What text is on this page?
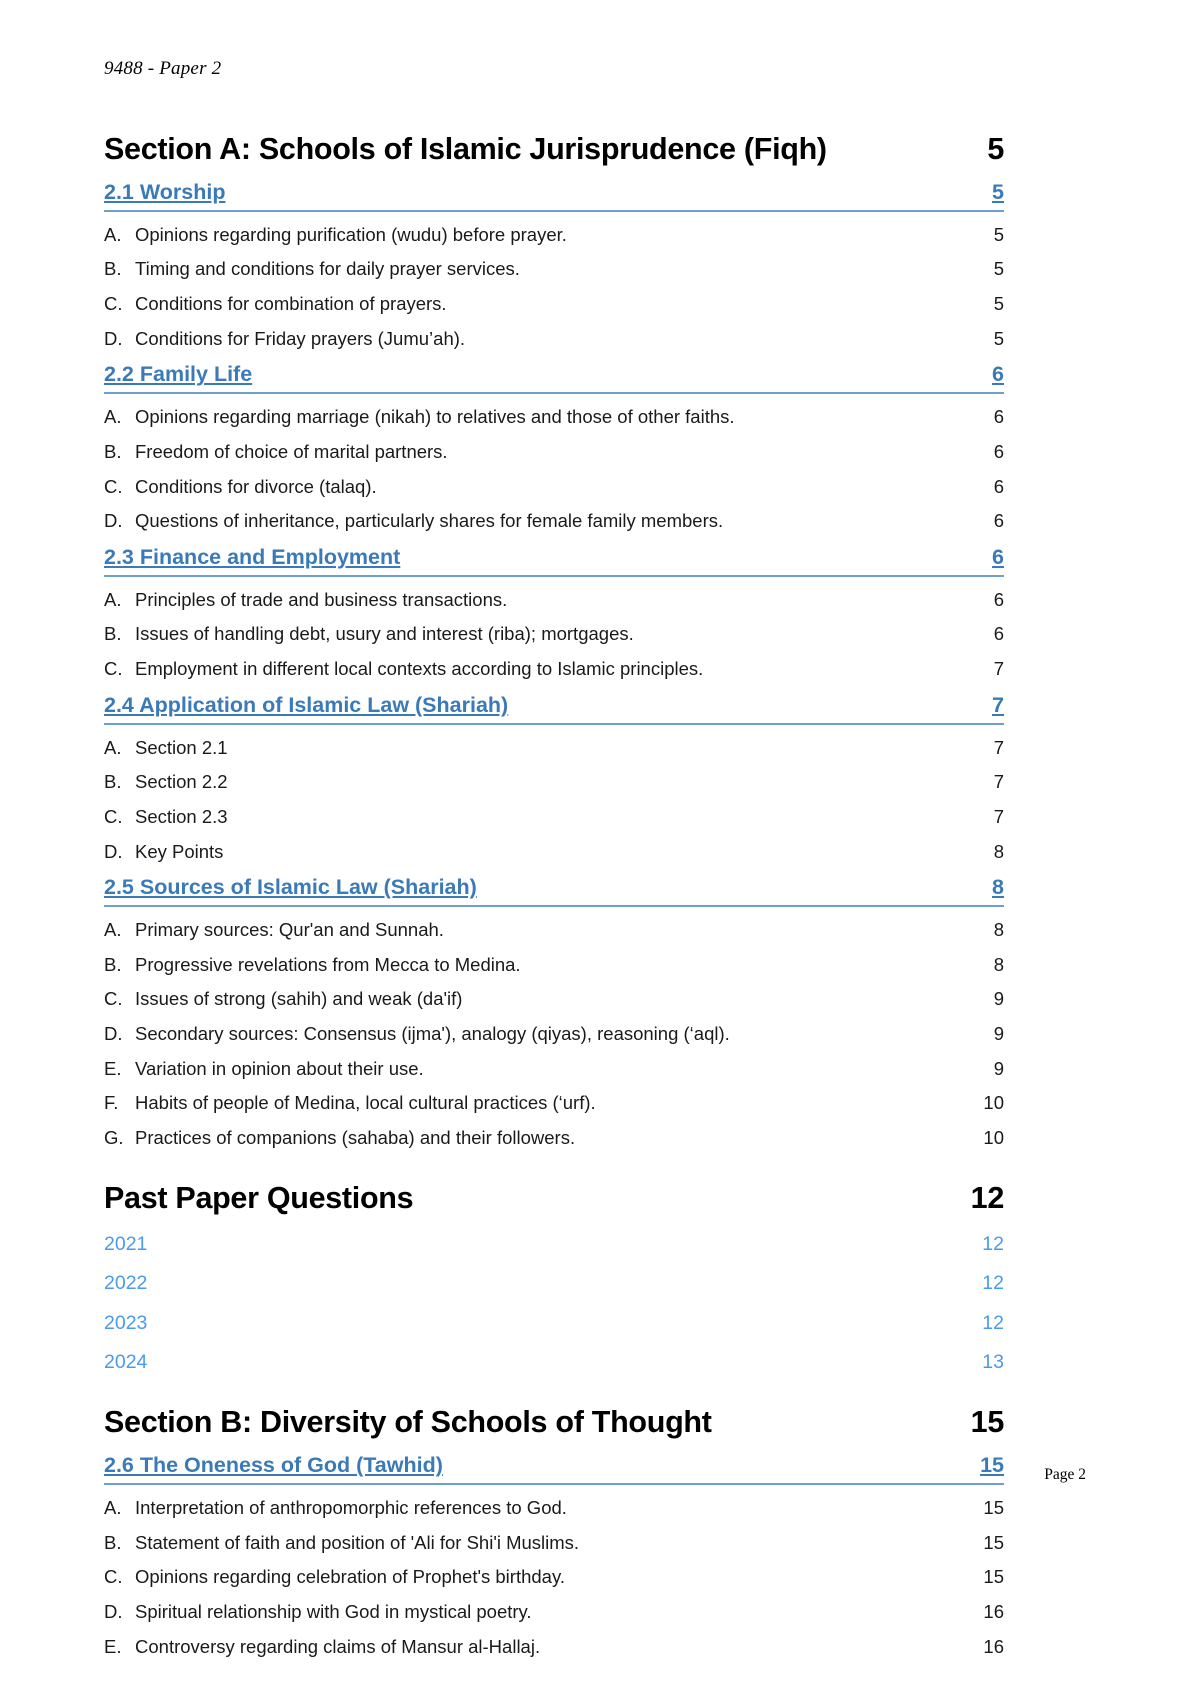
9488 - Paper 2
Section A: Schools of Islamic Jurisprudence (Fiqh)	5
2.1 Worship	5
A. Opinions regarding purification (wudu) before prayer.	5
B. Timing and conditions for daily prayer services.	5
C. Conditions for combination of prayers.	5
D. Conditions for Friday prayers (Jumu’ah).	5
2.2 Family Life	6
A. Opinions regarding marriage (nikah) to relatives and those of other faiths.	6
B. Freedom of choice of marital partners.	6
C. Conditions for divorce (talaq).	6
D. Questions of inheritance, particularly shares for female family members.	6
2.3 Finance and Employment	6
A. Principles of trade and business transactions.	6
B. Issues of handling debt, usury and interest (riba); mortgages.	6
C. Employment in different local contexts according to Islamic principles.	7
2.4 Application of Islamic Law (Shariah)	7
A. Section 2.1	7
B. Section 2.2	7
C. Section 2.3	7
D. Key Points	8
2.5 Sources of Islamic Law (Shariah)	8
A. Primary sources: Qur'an and Sunnah.	8
B. Progressive revelations from Mecca to Medina.	8
C. Issues of strong (sahih) and weak (da'if)	9
D. Secondary sources: Consensus (ijma'), analogy (qiyas), reasoning (‘aql).	9
E. Variation in opinion about their use.	9
F. Habits of people of Medina, local cultural practices (‘urf).	10
G. Practices of companions (sahaba) and their followers.	10
Past Paper Questions	12
2021	12
2022	12
2023	12
2024	13
Section B: Diversity of Schools of Thought	15
2.6 The Oneness of God (Tawhid)	15
A. Interpretation of anthropomorphic references to God.	15
B. Statement of faith and position of 'Ali for Shi'i Muslims.	15
C. Opinions regarding celebration of Prophet's birthday.	15
D. Spiritual relationship with God in mystical poetry.	16
E. Controversy regarding claims of Mansur al-Hallaj.	16
Page 2
